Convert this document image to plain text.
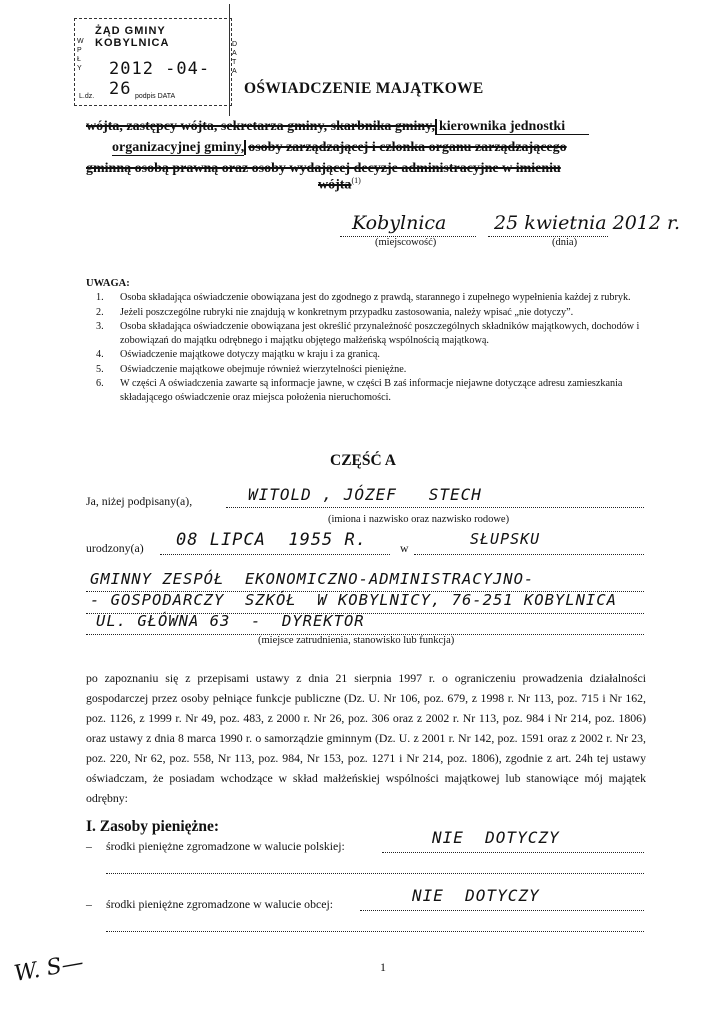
ŻĄD GMINY KOBYLNICA
W P Ł Y 2012 -04- 26
L.dz.	podpis DATA
D A T A
OŚWIADCZENIE MAJĄTKOWE
wójta, zastępcy wójta, sekretarza gminy, skarbnika gminy, kierownika jednostki
organizacyjnej gminy, osoby zarządzającej i członka organu zarządzającego
gminną osobą prawną oraz osoby wydającej decyzje administracyjne w imieniu
wójta$^{(1)}$
Kobylnica	25 kwietnia 2012 r.
(miejscowość)	(dnia)
UWAGA:
1. Osoba składająca oświadczenie obowiązana jest do zgodnego z prawdą, starannego i zupełnego wypełnienia każdej z rubryk.
2. Jeżeli poszczególne rubryki nie znajdują w konkretnym przypadku zastosowania, należy wpisać „nie dotyczy”.
3. Osoba składająca oświadczenie obowiązana jest określić przynależność poszczególnych składników majątkowych, dochodów i zobowiązań do majątku odrębnego i majątku objętego małżeńską wspólnością majątkową.
4. Oświadczenie majątkowe dotyczy majątku w kraju i za granicą.
5. Oświadczenie majątkowe obejmuje również wierzytelności pieniężne.
6. W części A oświadczenia zawarte są informacje jawne, w części B zaś informacje niejawne dotyczące adresu zamieszkania składającego oświadczenie oraz miejsca położenia nieruchomości.
CZĘŚĆ A
Ja, niżej podpisany(a),	WITOLD , JÓZEF   STECH
(imiona i nazwisko oraz nazwisko rodowe)
urodzony(a) 08 LIPCA  1955 R.	w	SŁUPSKU
GMINNY ZESPÓŁ  EKONOMICZNO-ADMINISTRACYJNO-
- GOSPODARCZY  SZKÓŁ  W KOBYLNICY, 76-251 KOBYLNICA
UL. GŁÓWNA 63  -  DYREKTOR
(miejsce zatrudnienia, stanowisko lub funkcja)
po zapoznaniu się z przepisami ustawy z dnia 21 sierpnia 1997 r. o ograniczeniu prowadzenia działalności gospodarczej przez osoby pełniące funkcje publiczne (Dz. U. Nr 106, poz. 679, z 1998 r. Nr 113, poz. 715 i Nr 162, poz. 1126, z 1999 r. Nr 49, poz. 483, z 2000 r. Nr 26, poz. 306 oraz z 2002 r. Nr 113, poz. 984 i Nr 214, poz. 1806) oraz ustawy z dnia 8 marca 1990 r. o samorządzie gminnym (Dz. U. z 2001 r. Nr 142, poz. 1591 oraz z 2002 r. Nr 23, poz. 220, Nr 62, poz. 558, Nr 113, poz. 984, Nr 153, poz. 1271 i Nr 214, poz. 1806), zgodnie z art. 24h tej ustawy oświadczam, że posiadam wchodzące w skład małżeńskiej wspólności majątkowej lub stanowiące mój majątek odrębny:
I. Zasoby pieniężne:
– środki pieniężne zgromadzone w walucie polskiej:	NIE  DOTYCZY
– środki pieniężne zgromadzone w walucie obcej:	NIE  DOTYCZY
W. S—	1
